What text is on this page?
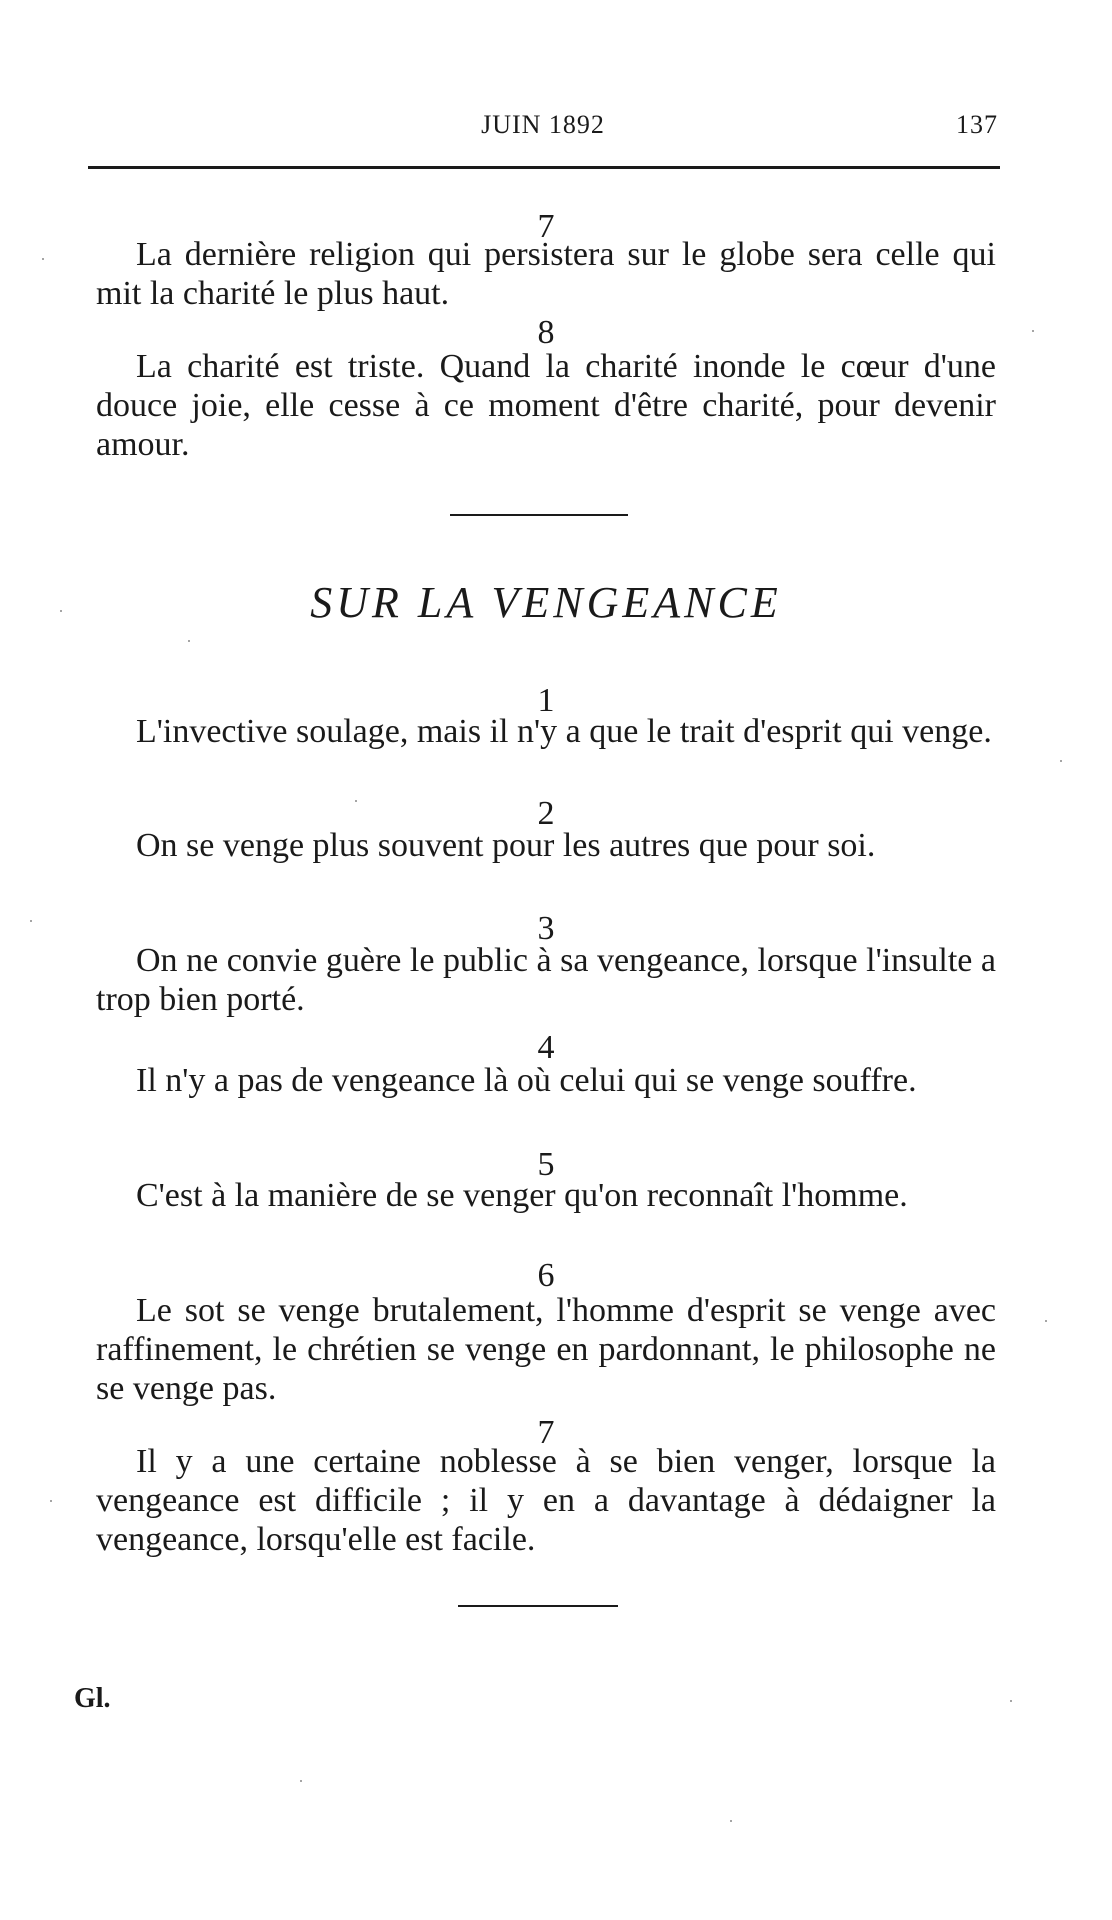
JUIN 1892	137
7
La dernière religion qui persistera sur le globe sera celle qui mit la charité le plus haut.
8
La charité est triste. Quand la charité inonde le cœur d'une douce joie, elle cesse à ce moment d'être charité, pour devenir amour.
SUR LA VENGEANCE
1
L'invective soulage, mais il n'y a que le trait d'esprit qui venge.
2
On se venge plus souvent pour les autres que pour soi.
3
On ne convie guère le public à sa vengeance, lorsque l'insulte a trop bien porté.
4
Il n'y a pas de vengeance là où celui qui se venge souffre.
5
C'est à la manière de se venger qu'on reconnaît l'homme.
6
Le sot se venge brutalement, l'homme d'esprit se venge avec raffinement, le chrétien se venge en pardonnant, le philosophe ne se venge pas.
7
Il y a une certaine noblesse à se bien venger, lorsque la vengeance est difficile ; il y en a davantage à dédaigner la vengeance, lorsqu'elle est facile.
Gl.
